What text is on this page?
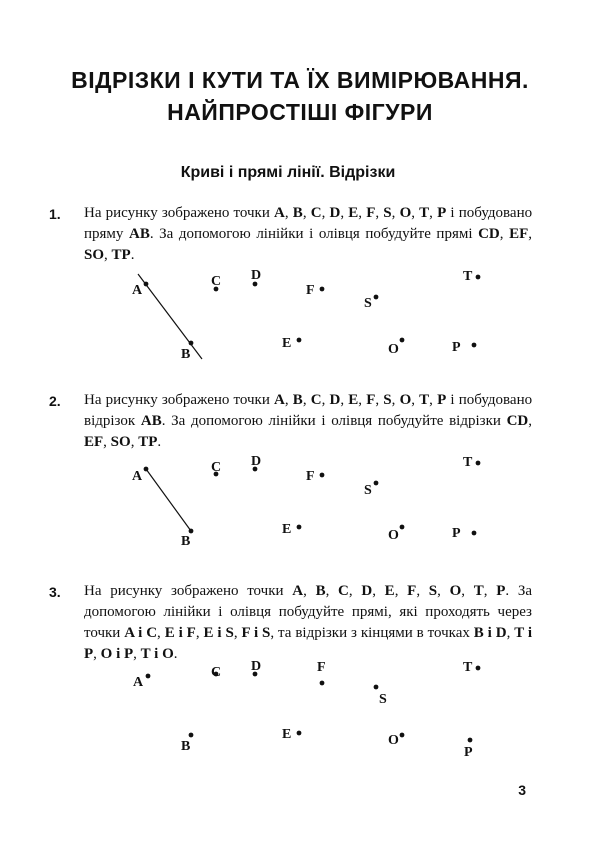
ВІДРІЗКИ І КУТИ ТА ЇХ ВИМІРЮВАННЯ.
НАЙПРОСТІШІ ФІГУРИ
Криві і прямі лінії. Відрізки
1. На рисунку зображено точки A, B, C, D, E, F, S, O, T, P і побудовано пряму AB. За допомогою лінійки і олівця побудуйте прямі CD, EF, SO, TP.
A
C D
F
S
T
B
E	O	P
2. На рисунку зображено точки A, B, C, D, E, F, S, O, T, P і побудовано відрізок AB. За допомогою лінійки і олівця побудуйте відрізки CD, EF, SO, TP.
A
C D
F
S
T
B
E	O	P
3. На рисунку зображено точки A, B, C, D, E, F, S, O, T, P. За допомогою лінійки і олівця побудуйте прямі, які проходять через точки A і C, E і F, E і S, F і S, та відрізки з кінцями в точках B і D, T і P, O і P, T і O.
A
C D	F
S
T
B
E	O
P
3
